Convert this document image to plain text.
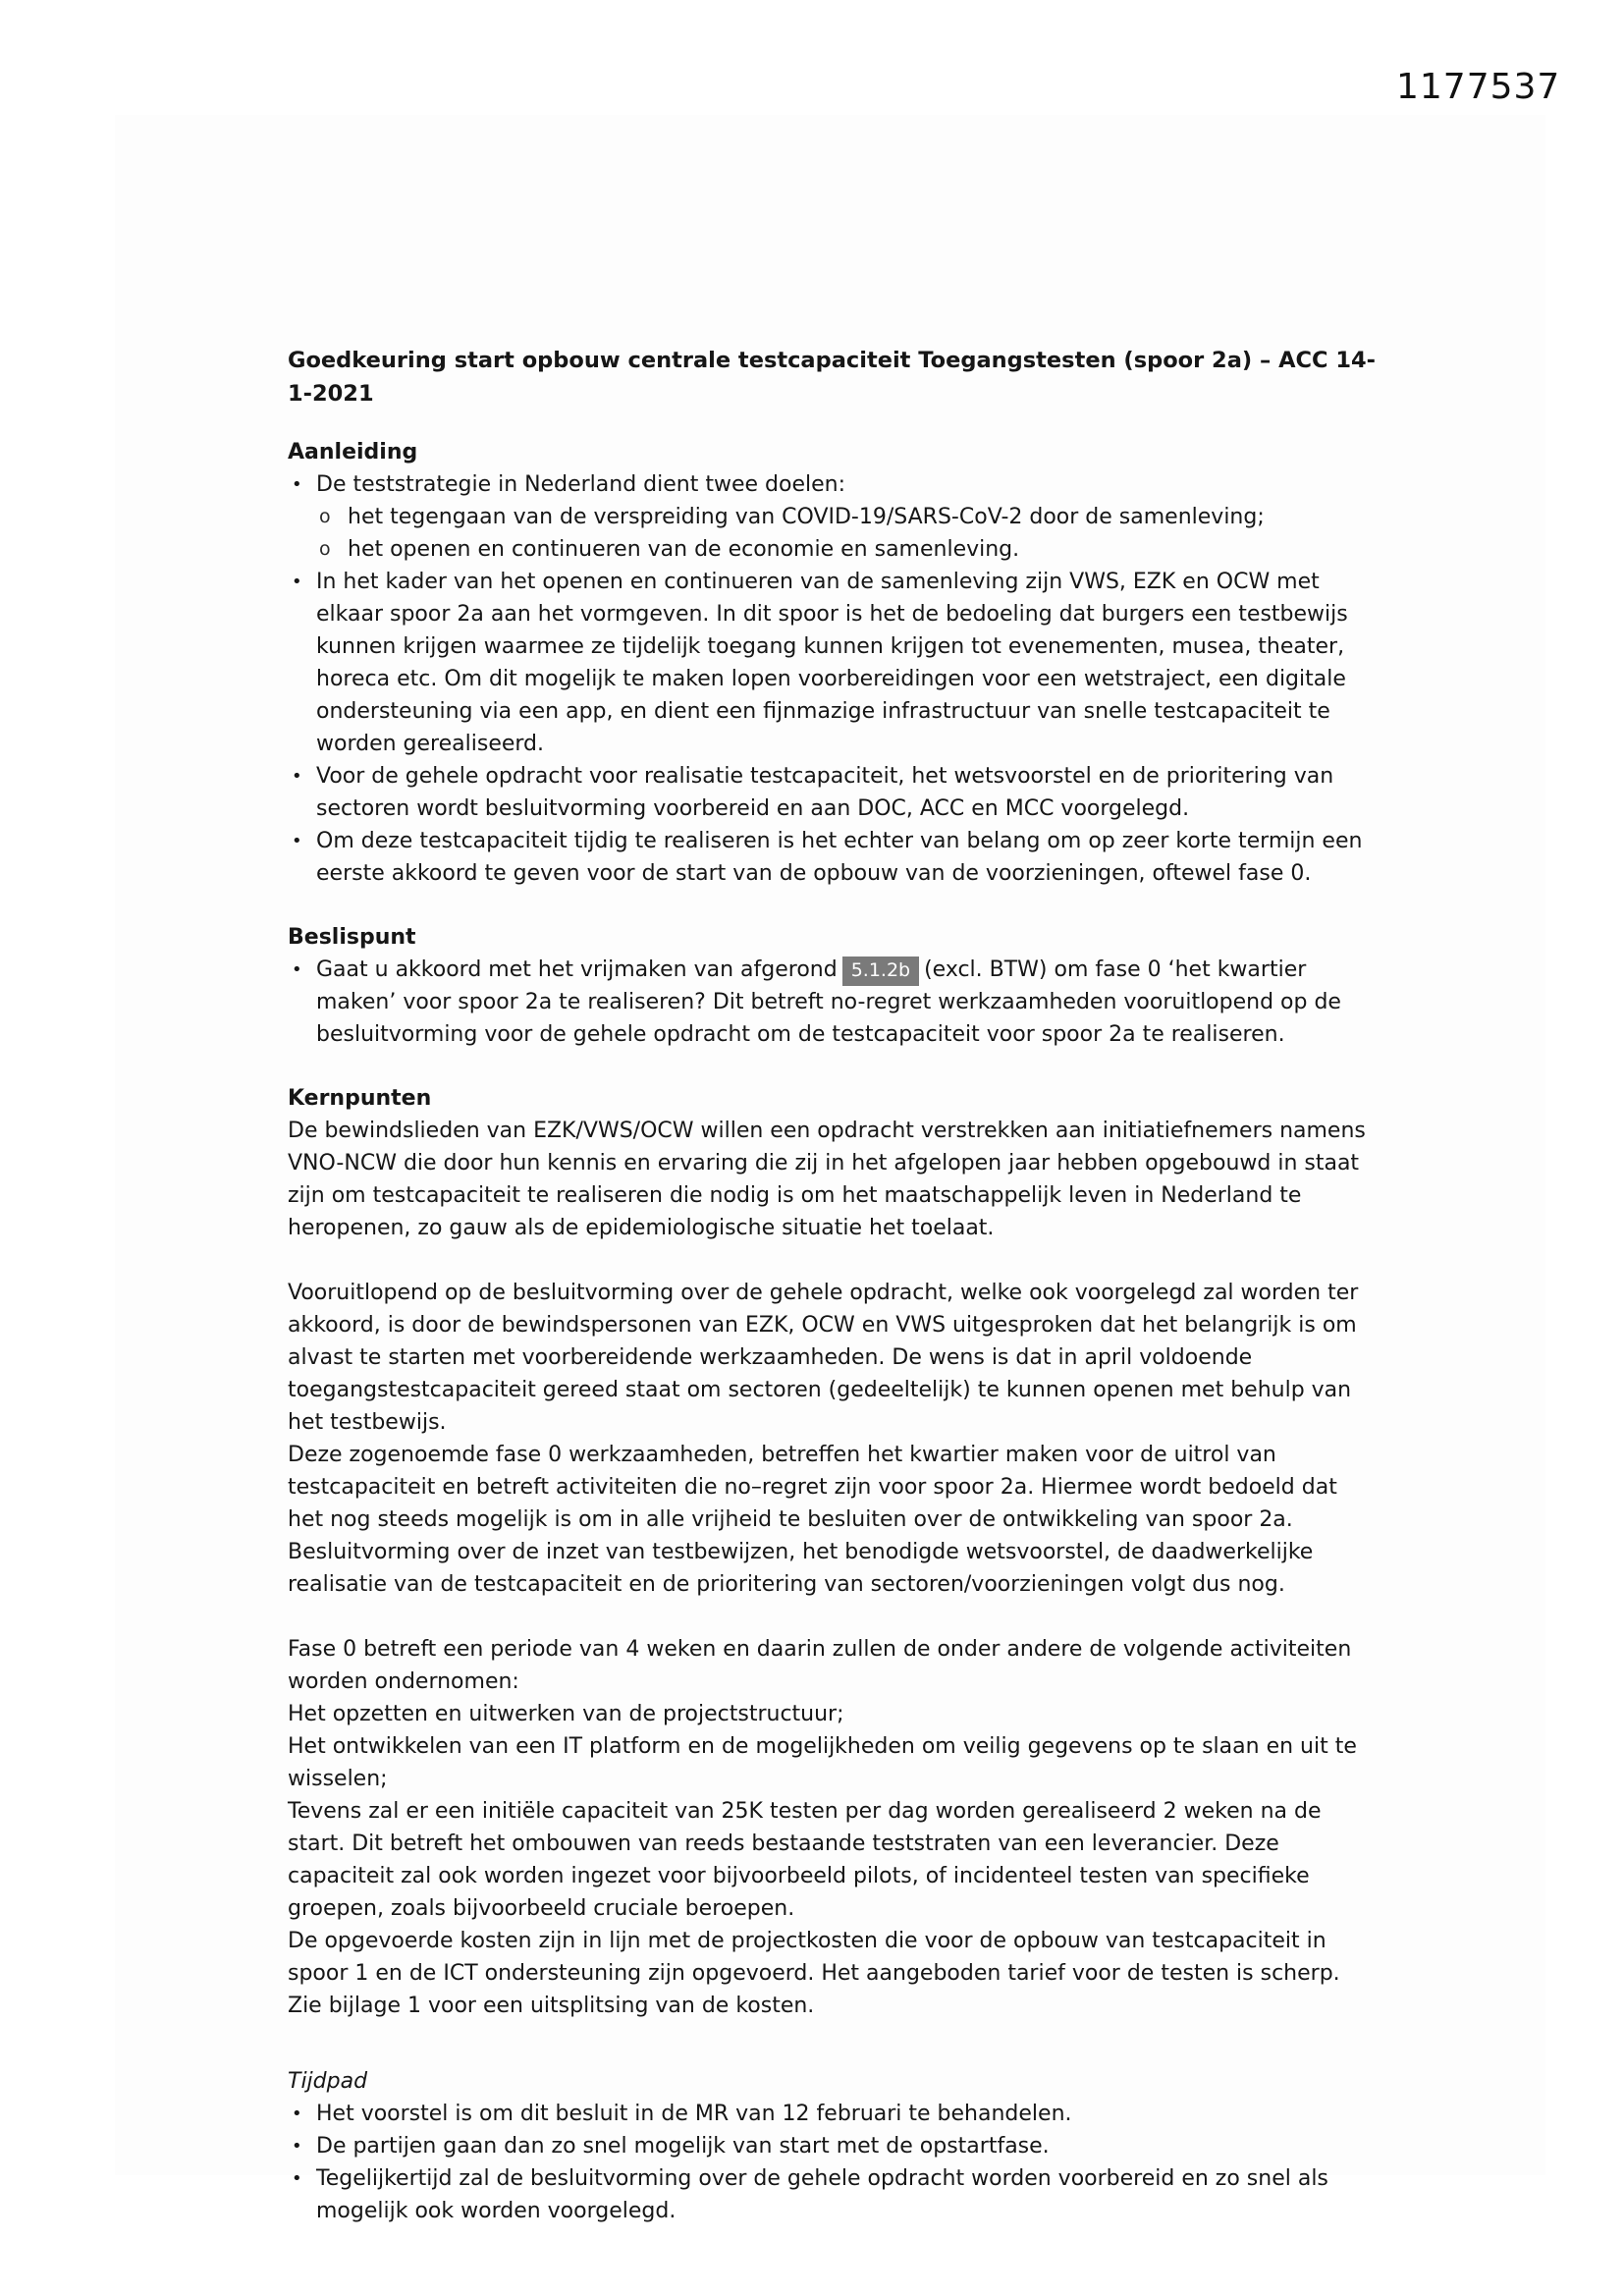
1177537
Goedkeuring start opbouw centrale testcapaciteit Toegangstesten (spoor 2a) – ACC 14-1-2021
Aanleiding
• De teststrategie in Nederland dient twee doelen:
o het tegengaan van de verspreiding van COVID-19/SARS-CoV-2 door de samenleving;
o het openen en continueren van de economie en samenleving.
• In het kader van het openen en continueren van de samenleving zijn VWS, EZK en OCW met elkaar spoor 2a aan het vormgeven. In dit spoor is het de bedoeling dat burgers een testbewijs kunnen krijgen waarmee ze tijdelijk toegang kunnen krijgen tot evenementen, musea, theater, horeca etc. Om dit mogelijk te maken lopen voorbereidingen voor een wetstraject, een digitale ondersteuning via een app, en dient een fijnmazige infrastructuur van snelle testcapaciteit te worden gerealiseerd.
• Voor de gehele opdracht voor realisatie testcapaciteit, het wetsvoorstel en de prioritering van sectoren wordt besluitvorming voorbereid en aan DOC, ACC en MCC voorgelegd.
• Om deze testcapaciteit tijdig te realiseren is het echter van belang om op zeer korte termijn een eerste akkoord te geven voor de start van de opbouw van de voorzieningen, oftewel fase 0.
Beslispunt
• Gaat u akkoord met het vrijmaken van afgerond 5.1.2b (excl. BTW) om fase 0 ‘het kwartier maken’ voor spoor 2a te realiseren? Dit betreft no-regret werkzaamheden vooruitlopend op de besluitvorming voor de gehele opdracht om de testcapaciteit voor spoor 2a te realiseren.
Kernpunten

De bewindslieden van EZK/VWS/OCW willen een opdracht verstrekken aan initiatiefnemers namens VNO-NCW die door hun kennis en ervaring die zij in het afgelopen jaar hebben opgebouwd in staat zijn om testcapaciteit te realiseren die nodig is om het maatschappelijk leven in Nederland te heropenen, zo gauw als de epidemiologische situatie het toelaat.

Vooruitlopend op de besluitvorming over de gehele opdracht, welke ook voorgelegd zal worden ter akkoord, is door de bewindspersonen van EZK, OCW en VWS uitgesproken dat het belangrijk is om alvast te starten met voorbereidende werkzaamheden. De wens is dat in april voldoende toegangstestcapaciteit gereed staat om sectoren (gedeeltelijk) te kunnen openen met behulp van het testbewijs.

Deze zogenoemde fase 0 werkzaamheden, betreffen het kwartier maken voor de uitrol van testcapaciteit en betreft activiteiten die no–regret zijn voor spoor 2a. Hiermee wordt bedoeld dat het nog steeds mogelijk is om in alle vrijheid te besluiten over de ontwikkeling van spoor 2a. Besluitvorming over de inzet van testbewijzen, het benodigde wetsvoorstel, de daadwerkelijke realisatie van de testcapaciteit en de prioritering van sectoren/voorzieningen volgt dus nog.

Fase 0 betreft een periode van 4 weken en daarin zullen de onder andere de volgende activiteiten worden ondernomen:

Het opzetten en uitwerken van de projectstructuur;

Het ontwikkelen van een IT platform en de mogelijkheden om veilig gegevens op te slaan en uit te wisselen;

Tevens zal er een initiële capaciteit van 25K testen per dag worden gerealiseerd 2 weken na de start. Dit betreft het ombouwen van reeds bestaande teststraten van een leverancier. Deze capaciteit zal ook worden ingezet voor bijvoorbeeld pilots, of incidenteel testen van specifieke groepen, zoals bijvoorbeeld cruciale beroepen.

De opgevoerde kosten zijn in lijn met de projectkosten die voor de opbouw van testcapaciteit in spoor 1 en de ICT ondersteuning zijn opgevoerd. Het aangeboden tarief voor de testen is scherp.

Zie bijlage 1 voor een uitsplitsing van de kosten.

Tijdpad
• Het voorstel is om dit besluit in de MR van 12 februari te behandelen.
• De partijen gaan dan zo snel mogelijk van start met de opstartfase.
• Tegelijkertijd zal de besluitvorming over de gehele opdracht worden voorbereid en zo snel als mogelijk ook worden voorgelegd.
